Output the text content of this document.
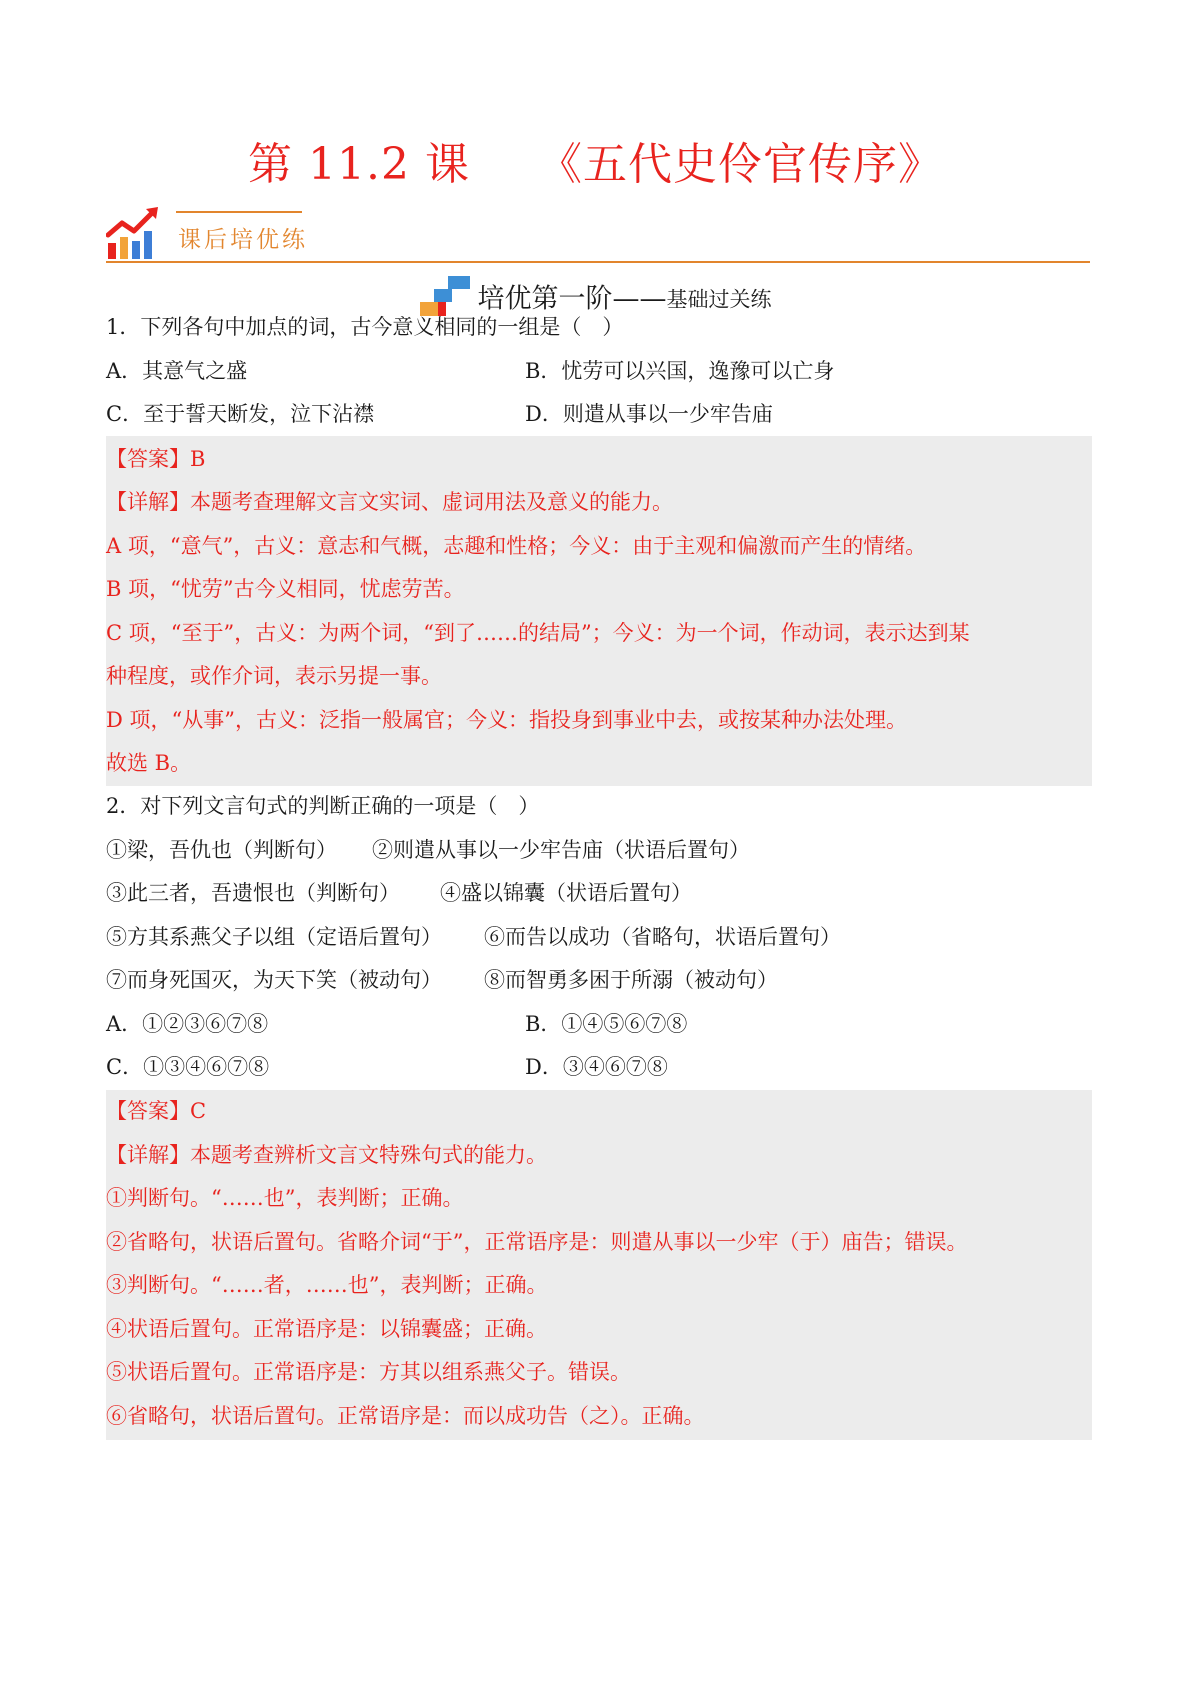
第 11.2 课　　《五代史伶官传序》
课后培优练
培优第一阶——基础过关练
1．下列各句中加点的词，古今意义相同的一组是（　）
A．其意气之盛	B．忧劳可以兴国，逸豫可以亡身
C．至于誓天断发，泣下沾襟	D．则遣从事以一少牢告庙
【答案】B
【详解】本题考查理解文言文实词、虚词用法及意义的能力。
A 项，“意气”，古义：意志和气概，志趣和性格；今义：由于主观和偏激而产生的情绪。
B 项，“忧劳”古今义相同，忧虑劳苦。
C 项，“至于”，古义：为两个词，“到了……的结局”；今义：为一个词，作动词，表示达到某
种程度，或作介词，表示另提一事。
D 项，“从事”，古义：泛指一般属官；今义：指投身到事业中去，或按某种办法处理。
故选 B。
2．对下列文言句式的判断正确的一项是（　）
①梁，吾仇也（判断句） ②则遣从事以一少牢告庙（状语后置句）
③此三者，吾遗恨也（判断句） ④盛以锦囊（状语后置句）
⑤方其系燕父子以组（定语后置句） ⑥而告以成功（省略句，状语后置句）
⑦而身死国灭，为天下笑（被动句） ⑧而智勇多困于所溺（被动句）
A．①②③⑥⑦⑧	B．①④⑤⑥⑦⑧
C．①③④⑥⑦⑧	D．③④⑥⑦⑧
【答案】C
【详解】本题考查辨析文言文特殊句式的能力。
①判断句。“……也”，表判断；正确。
②省略句，状语后置句。省略介词“于”，正常语序是：则遣从事以一少牢（于）庙告；错误。
③判断句。“……者，……也”，表判断；正确。
④状语后置句。正常语序是：以锦囊盛；正确。
⑤状语后置句。正常语序是：方其以组系燕父子。错误。
⑥省略句，状语后置句。正常语序是：而以成功告（之）。正确。
